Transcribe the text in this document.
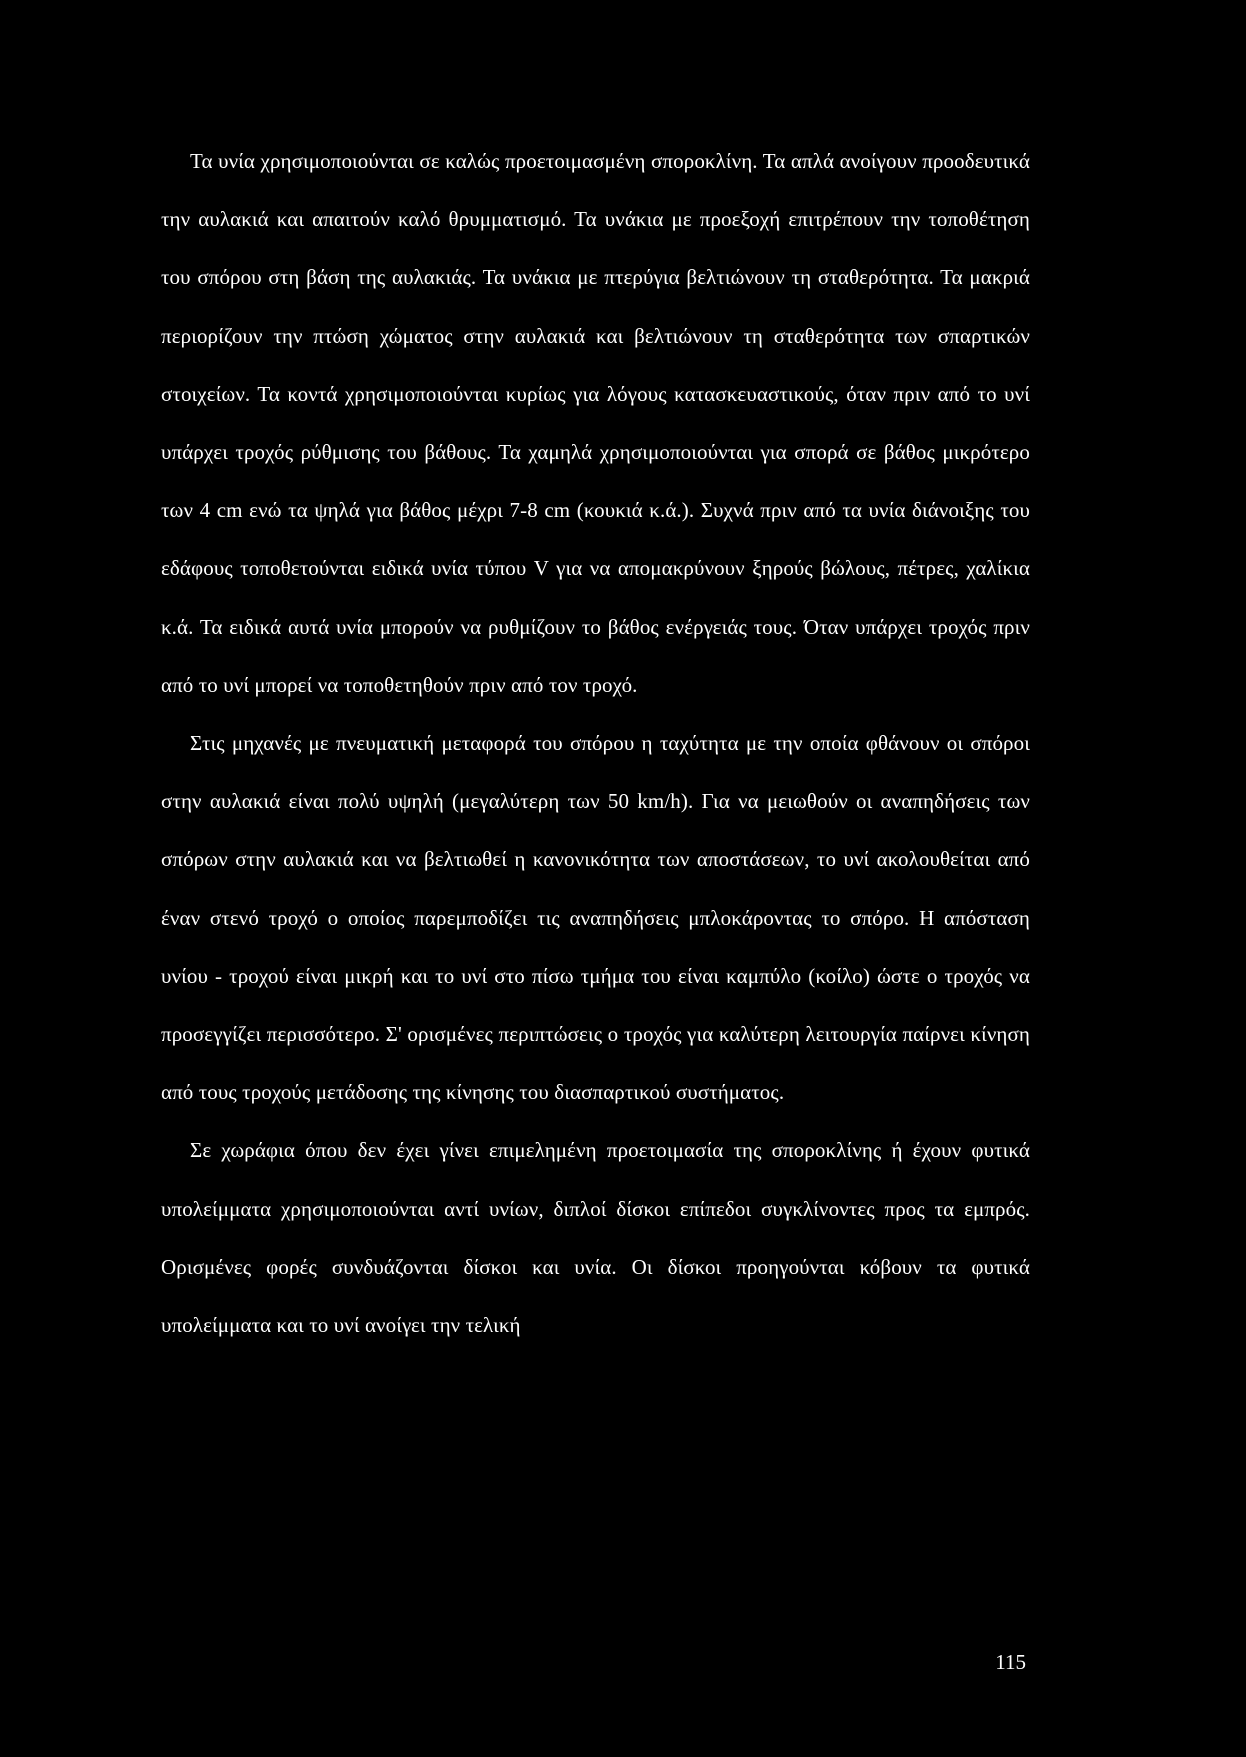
Τα υνία χρησιμοποιούνται σε καλώς προετοιμασμένη σποροκλίνη. Τα απλά ανοίγουν προοδευτικά την αυλακιά και απαιτούν καλό θρυμματισμό. Τα υνάκια με προεξοχή επιτρέπουν την τοποθέτηση του σπόρου στη βάση της αυλακιάς. Τα υνάκια με πτερύγια βελτιώνουν τη σταθερότητα. Τα μακριά περιορίζουν την πτώση χώματος στην αυλακιά και βελτιώνουν τη σταθερότητα των σπαρτικών στοιχείων. Τα κοντά χρησιμοποιούνται κυρίως για λόγους κατασκευαστικούς, όταν πριν από το υνί υπάρχει τροχός ρύθμισης του βάθους. Τα χαμηλά χρησιμοποιούνται για σπορά σε βάθος μικρότερο των 4 cm ενώ τα ψηλά για βάθος μέχρι 7-8 cm (κουκιά κ.ά.). Συχνά πριν από τα υνία διάνοιξης του εδάφους τοποθετούνται ειδικά υνία τύπου V για να απομακρύνουν ξηρούς βώλους, πέτρες, χαλίκια κ.ά. Τα ειδικά αυτά υνία μπορούν να ρυθμίζουν το βάθος ενέργειάς τους. Όταν υπάρχει τροχός πριν από το υνί μπορεί να τοποθετηθούν πριν από τον τροχό.

Στις μηχανές με πνευματική μεταφορά του σπόρου η ταχύτητα με την οποία φθάνουν οι σπόροι στην αυλακιά είναι πολύ υψηλή (μεγαλύτερη των 50 km/h). Για να μειωθούν οι αναπηδήσεις των σπόρων στην αυλακιά και να βελτιωθεί η κανονικότητα των αποστάσεων, το υνί ακολουθείται από έναν στενό τροχό ο οποίος παρεμποδίζει τις αναπηδήσεις μπλοκάροντας το σπόρο. Η απόσταση υνίου - τροχού είναι μικρή και το υνί στο πίσω τμήμα του είναι καμπύλο (κοίλο) ώστε ο τροχός να προσεγγίζει περισσότερο. Σ' ορισμένες περιπτώσεις ο τροχός για καλύτερη λειτουργία παίρνει κίνηση από τους τροχούς μετάδοσης της κίνησης του διασπαρτικού συστήματος.

Σε χωράφια όπου δεν έχει γίνει επιμελημένη προετοιμασία της σποροκλίνης ή έχουν φυτικά υπολείμματα χρησιμοποιούνται αντί υνίων, διπλοί δίσκοι επίπεδοι συγκλίνοντες προς τα εμπρός. Ορισμένες φορές συνδυάζονται δίσκοι και υνία. Οι δίσκοι προηγούνται κόβουν τα φυτικά υπολείμματα και το υνί ανοίγει την τελική

115
